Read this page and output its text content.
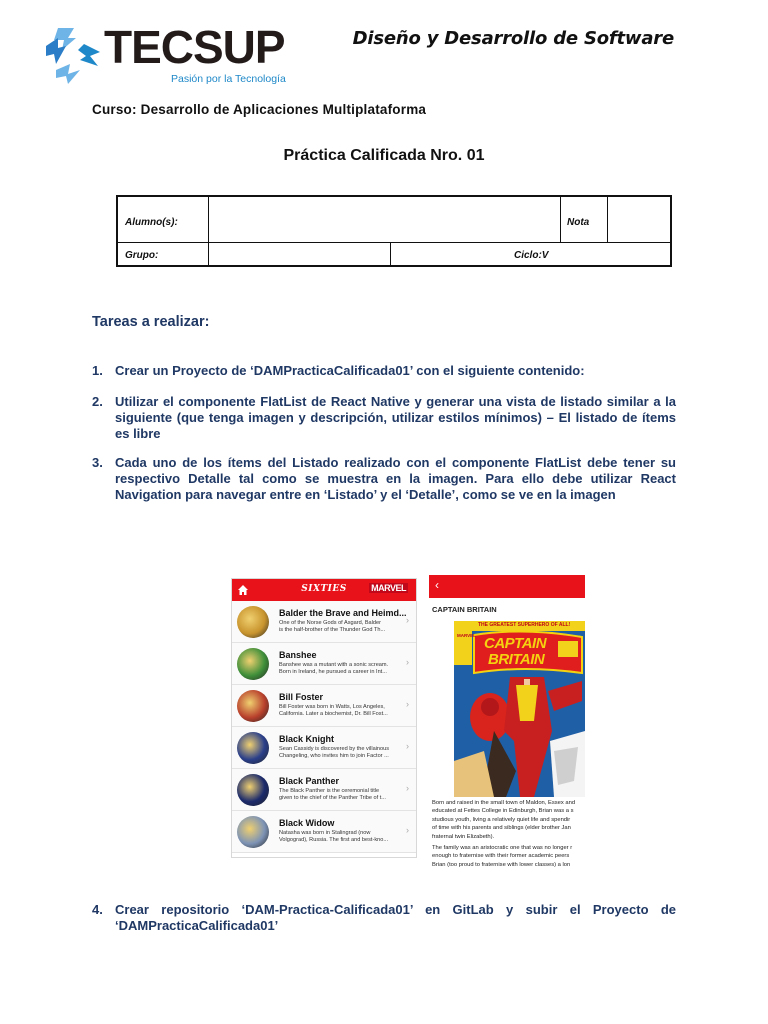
TECSUP
Pasión por la Tecnología
Diseño y Desarrollo de Software
Curso: Desarrollo de Aplicaciones Multiplataforma
Práctica Calificada Nro. 01
Alumno(s):	Nota
Grupo:	Ciclo:V
Tareas a realizar:
1. Crear un Proyecto de ‘DAMPracticaCalificada01’ con el siguiente contenido:
2. Utilizar el componente FlatList de React Native y generar una vista de listado similar a la siguiente (que tenga imagen y descripción, utilizar estilos mínimos) – El listado de ítems es libre
3. Cada uno de los ítems del Listado realizado con el componente FlatList debe tener su respectivo Detalle tal como se muestra en la imagen. Para ello debe utilizar React Navigation para navegar entre en ‘Listado’ y el ‘Detalle’, como se ve en la imagen
4. Crear repositorio ‘DAM-Practica-Calificada01’ en GitLab y subir el Proyecto de ‘DAMPracticaCalificada01’
SIXTIES	MARVEL
Balder the Brave and Heimd...
One of the Norse Gods of Asgard, Balder
is the half-brother of the Thunder God Th...
›
Banshee
Banshee was a mutant with a sonic scream.
Born in Ireland, he pursued a career in Int...
›
Bill Foster
Bill Foster was born in Watts, Los Angeles,
California. Later a biochemist, Dr. Bill Fost...
›
Black Knight
Sean Cassidy is discovered by the villainous
Changeling, who invites him to join Factor ...
›
Black Panther
The Black Panther is the ceremonial title
given to the chief of the Panther Tribe of t...
›
Black Widow
Natasha was born in Stalingrad (now
Volgograd), Russia. The first and best-kno...
›
‹
CAPTAIN BRITAIN
THE GREATEST SUPERHERO OF ALL!
MARVEL CAPTAIN
BRITAIN
Born and raised in the small town of Maldon, Essex and
educated at Fettes College in Edinburgh, Brian was a s
studious youth, living a relatively quiet life and spendir
of time with his parents and siblings (elder brother Jan
fraternal twin Elizabeth).
The family was an aristocratic one that was no longer r
enough to fraternise with their former academic peers
Brian (too proud to fraternise with lower classes) a lon
